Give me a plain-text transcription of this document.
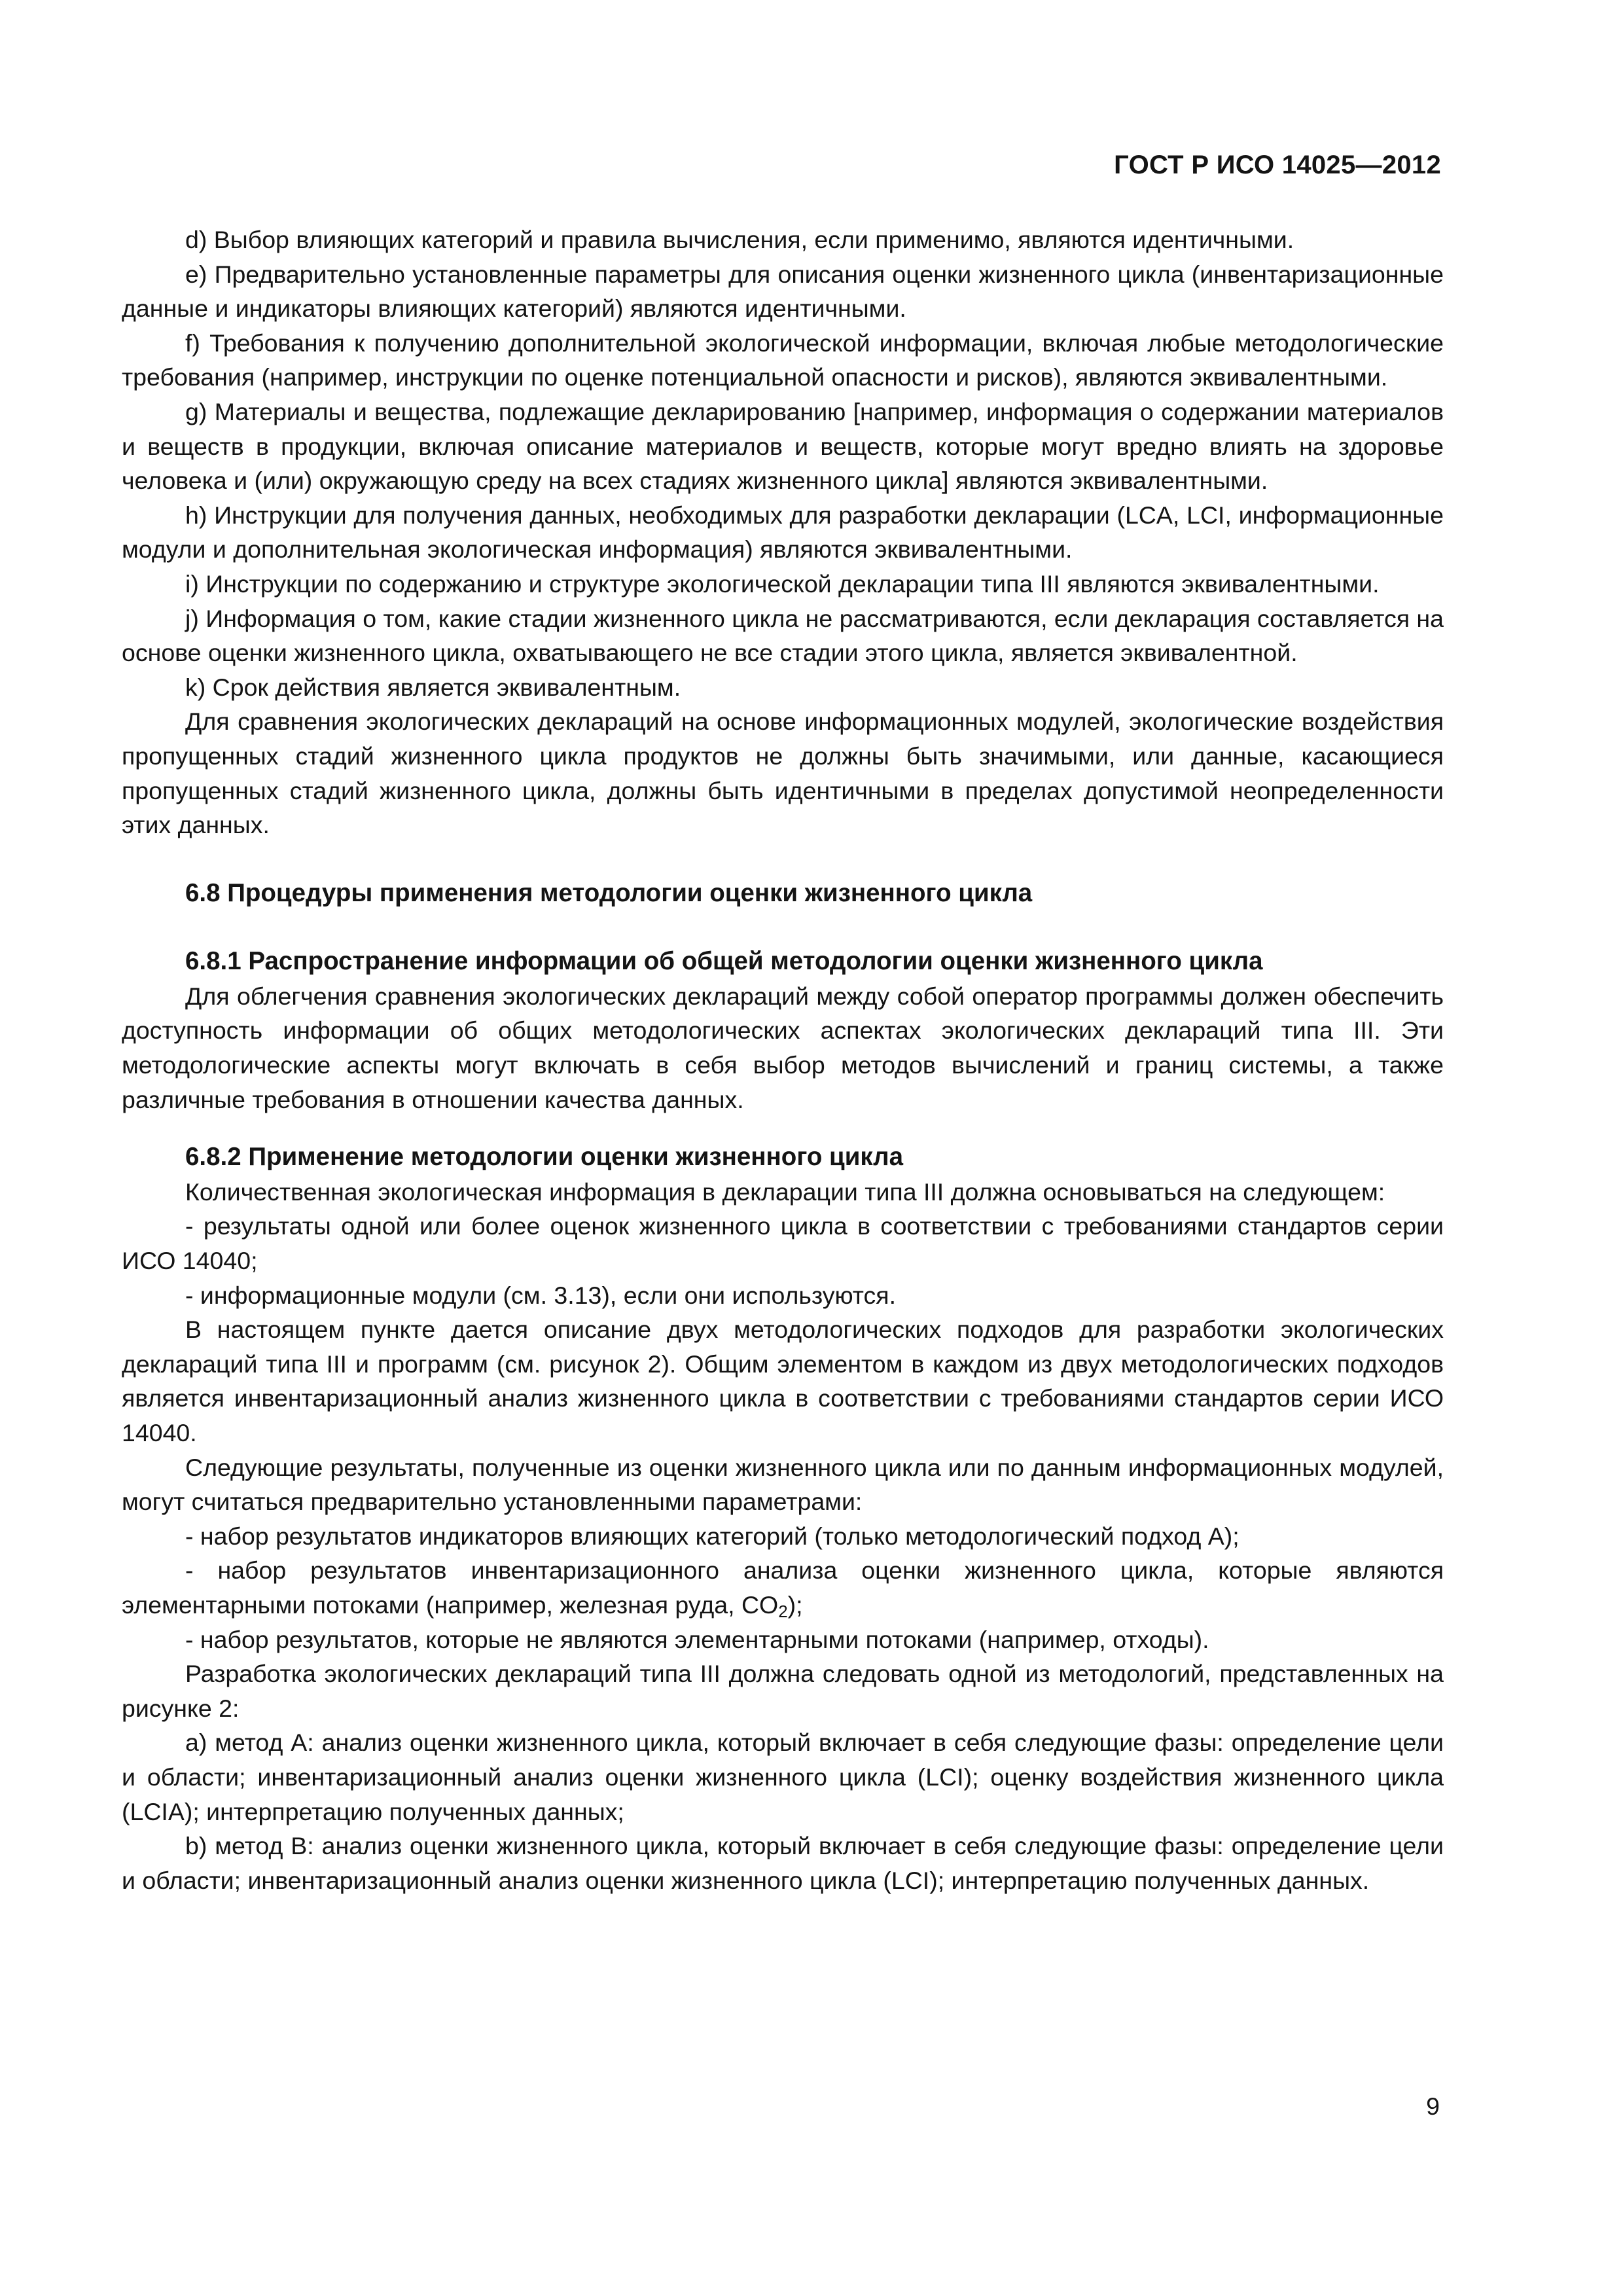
ГОСТ Р ИСО 14025—2012

d) Выбор влияющих категорий и правила вычисления, если применимо, являются идентичными.

e) Предварительно установленные параметры для описания оценки жизненного цикла (инвентаризационные данные и индикаторы влияющих категорий) являются идентичными.

f) Требования к получению дополнительной экологической информации, включая любые методологические требования (например, инструкции по оценке потенциальной опасности и рисков), являются эквивалентными.

g) Материалы и вещества, подлежащие декларированию [например, информация о содержании материалов и веществ в продукции, включая описание материалов и веществ, которые могут вредно влиять на здоровье человека и (или) окружающую среду на всех стадиях жизненного цикла] являются эквивалентными.

h) Инструкции для получения данных, необходимых для разработки декларации (LCA, LCI, информационные модули и дополнительная экологическая информация) являются эквивалентными.

i) Инструкции по содержанию и структуре экологической декларации типа III являются эквивалентными.

j) Информация о том, какие стадии жизненного цикла не рассматриваются, если декларация составляется на основе оценки жизненного цикла, охватывающего не все стадии этого цикла, является эквивалентной.

k) Срок действия является эквивалентным.

Для сравнения экологических деклараций на основе информационных модулей, экологические воздействия пропущенных стадий жизненного цикла продуктов не должны быть значимыми, или данные, касающиеся пропущенных стадий жизненного цикла, должны быть идентичными в пределах допустимой неопределенности этих данных.

6.8 Процедуры применения методологии оценки жизненного цикла
6.8.1 Распространение информации об общей методологии оценки жизненного цикла

Для облегчения сравнения экологических деклараций между собой оператор программы должен обеспечить доступность информации об общих методологических аспектах экологических деклараций типа III. Эти методологические аспекты могут включать в себя выбор методов вычислений и границ системы, а также различные требования в отношении качества данных.

6.8.2 Применение методологии оценки жизненного цикла

Количественная экологическая информация в декларации типа III должна основываться на следующем:

- результаты одной или более оценок жизненного цикла в соответствии с требованиями стандартов серии ИСО 14040;

- информационные модули (см. 3.13), если они используются.

В настоящем пункте дается описание двух методологических подходов для разработки экологических деклараций типа III и программ (см. рисунок 2). Общим элементом в каждом из двух методологических подходов является инвентаризационный анализ жизненного цикла в соответствии с требованиями стандартов серии ИСО 14040.

Следующие результаты, полученные из оценки жизненного цикла или по данным информационных модулей, могут считаться предварительно установленными параметрами:

- набор результатов индикаторов влияющих категорий (только методологический подход А);

- набор результатов инвентаризационного анализа оценки жизненного цикла, которые являются элементарными потоками (например, железная руда, $CO_2$);

- набор результатов, которые не являются элементарными потоками (например, отходы).

Разработка экологических деклараций типа III должна следовать одной из методологий, представленных на рисунке 2:

а) метод А: анализ оценки жизненного цикла, который включает в себя следующие фазы: определение цели и области; инвентаризационный анализ оценки жизненного цикла (LCI); оценку воздействия жизненного цикла (LCIA); интерпретацию полученных данных;

b) метод В: анализ оценки жизненного цикла, который включает в себя следующие фазы: определение цели и области; инвентаризационный анализ оценки жизненного цикла (LCI); интерпретацию полученных данных.

9
